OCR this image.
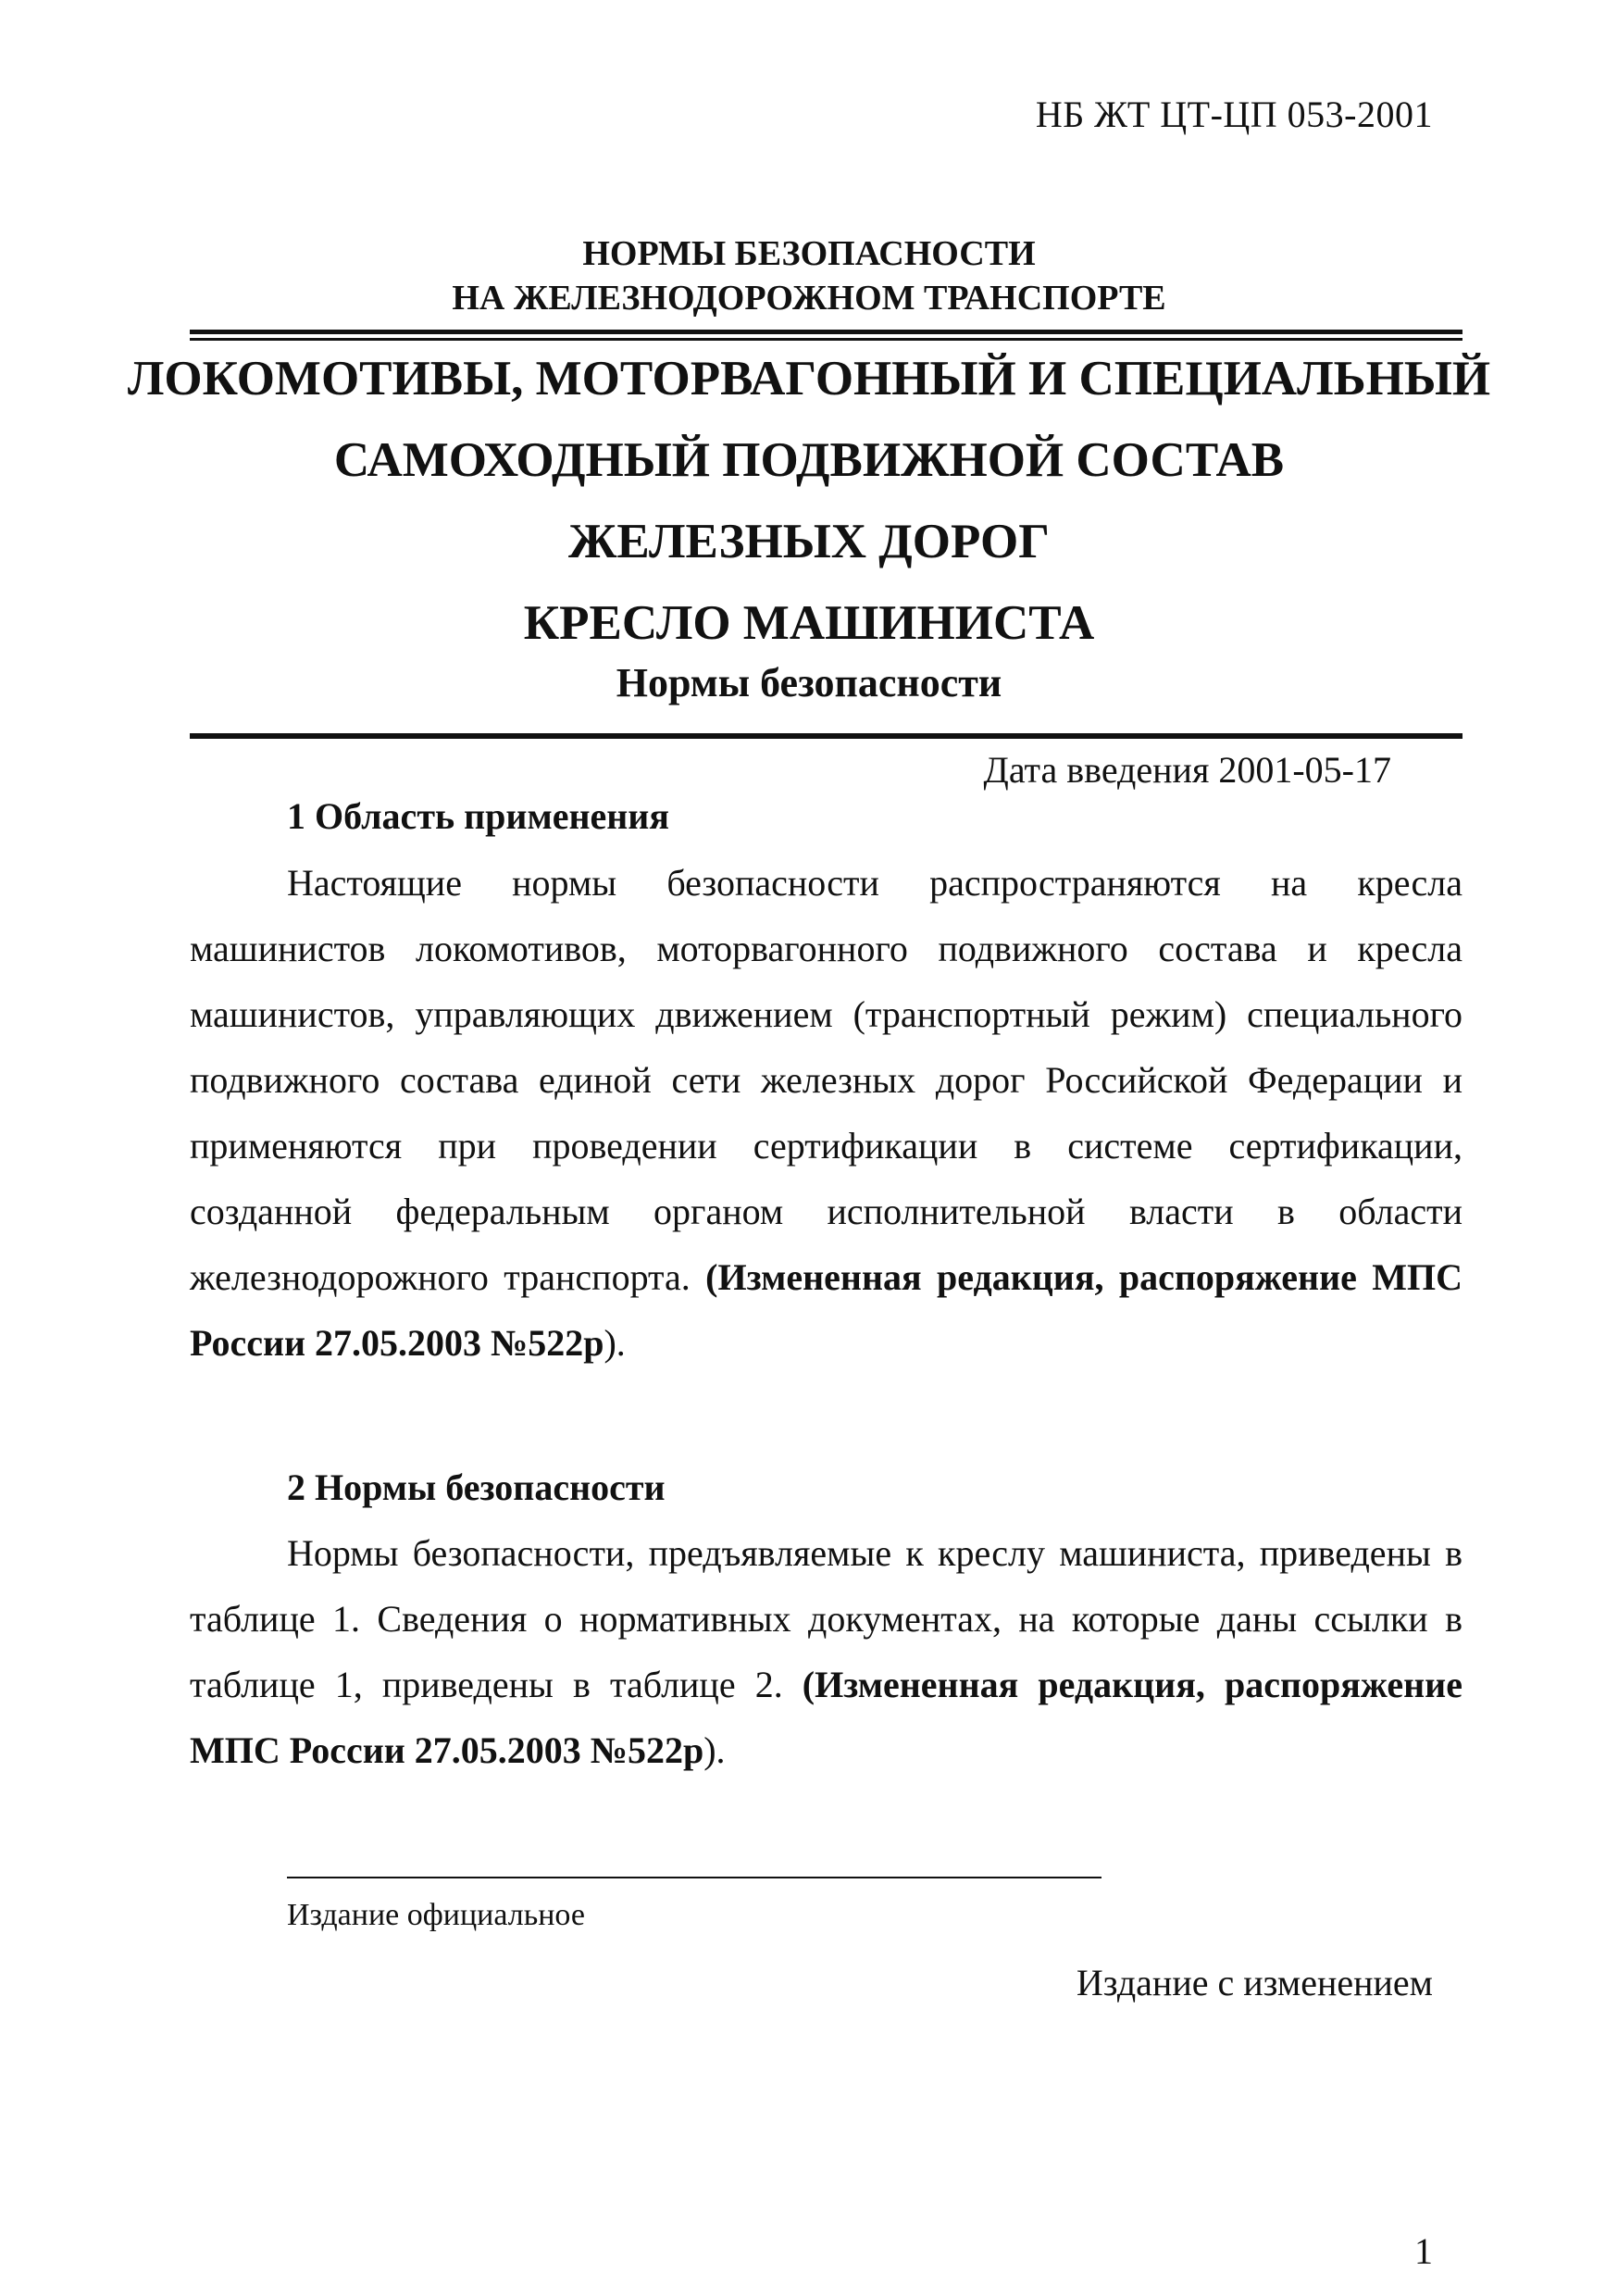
НБ ЖТ ЦТ-ЦП 053-2001
НОРМЫ БЕЗОПАСНОСТИ
НА ЖЕЛЕЗНОДОРОЖНОМ ТРАНСПОРТЕ
ЛОКОМОТИВЫ, МОТОРВАГОННЫЙ И СПЕЦИАЛЬНЫЙ
САМОХОДНЫЙ ПОДВИЖНОЙ СОСТАВ
ЖЕЛЕЗНЫХ ДОРОГ
КРЕСЛО МАШИНИСТА
Нормы безопасности
Дата введения 2001-05-17
1 Область применения
Настоящие нормы безопасности распространяются на кресла машинистов локомотивов, моторвагонного подвижного состава и кресла машинистов, управляющих движением (транспортный режим) специального подвижного состава единой сети железных дорог Российской Федерации и применяются при проведении сертификации в системе сертификации, созданной федеральным органом исполнительной власти в области железнодорожного транспорта. (Измененная редакция, распоряжение МПС России 27.05.2003 №522р).
2 Нормы безопасности
Нормы безопасности, предъявляемые к креслу машиниста, приведены в таблице 1. Сведения о нормативных документах, на которые даны ссылки в таблице 1, приведены в таблице 2. (Измененная редакция, распоряжение МПС России 27.05.2003 №522р).
Издание официальное
Издание с изменением
1
